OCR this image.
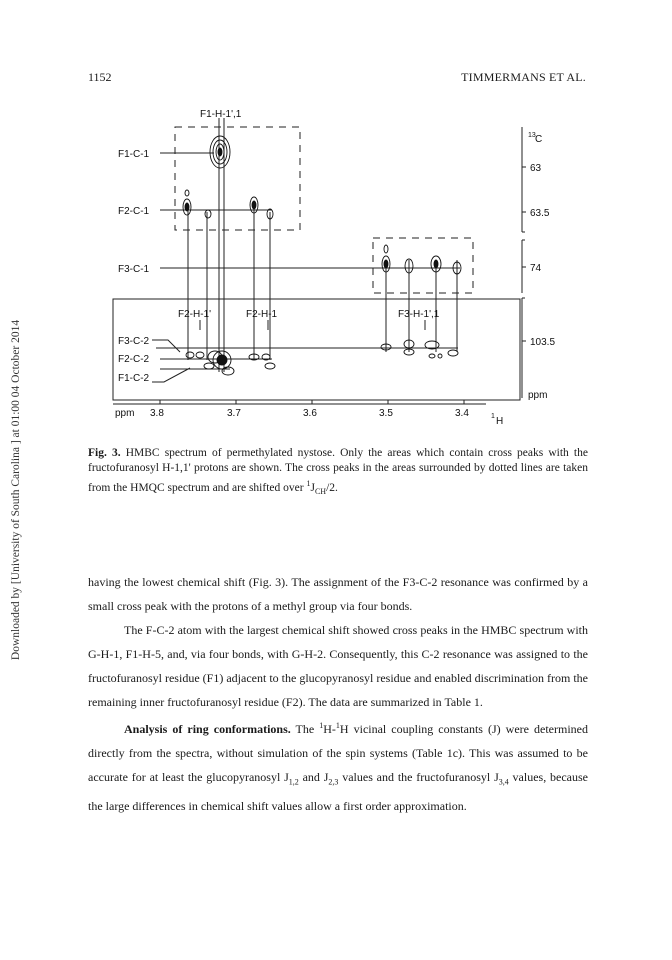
1152	TIMMERMANS ET AL.
Downloaded by [University of South Carolina ] at 01:00 04 October 2014
F1-H-1',1
F1-C-1
F2-C-1
F3-C-1
F2-H-1'	F2-H-1	F3-H-1',1
F3-C-2
F2-C-2
F1-C-2
13 C
63
63.5
74
103.5
ppm
ppm 3.8	3.7	3.6	3.5	3.4	1 H
Fig. 3. HMBC spectrum of permethylated nystose. Only the areas which contain cross peaks with the fructofuranosyl H-1,1' protons are shown. The cross peaks in the areas surrounded by dotted lines are taken from the HMQC spectrum and are shifted over $^1J_{CH}/2$.

having the lowest chemical shift (Fig. 3). The assignment of the F3-C-2 resonance was confirmed by a small cross peak with the protons of a methyl group via four bonds.

The F-C-2 atom with the largest chemical shift showed cross peaks in the HMBC spectrum with G-H-1, F1-H-5, and, via four bonds, with G-H-2. Consequently, this C-2 resonance was assigned to the fructofuranosyl residue (F1) adjacent to the glucopyranosyl residue and enabled discrimination from the remaining inner fructofuranosyl residue (F2). The data are summarized in Table 1.

Analysis of ring conformations. The $^1$H-$^1$H vicinal coupling constants (J) were determined directly from the spectra, without simulation of the spin systems (Table 1c). This was assumed to be accurate for at least the glucopyranosyl $J_{1,2}$ and $J_{2,3}$ values and the fructofuranosyl $J_{3,4}$ values, because the large differences in chemical shift values allow a first order approximation.
